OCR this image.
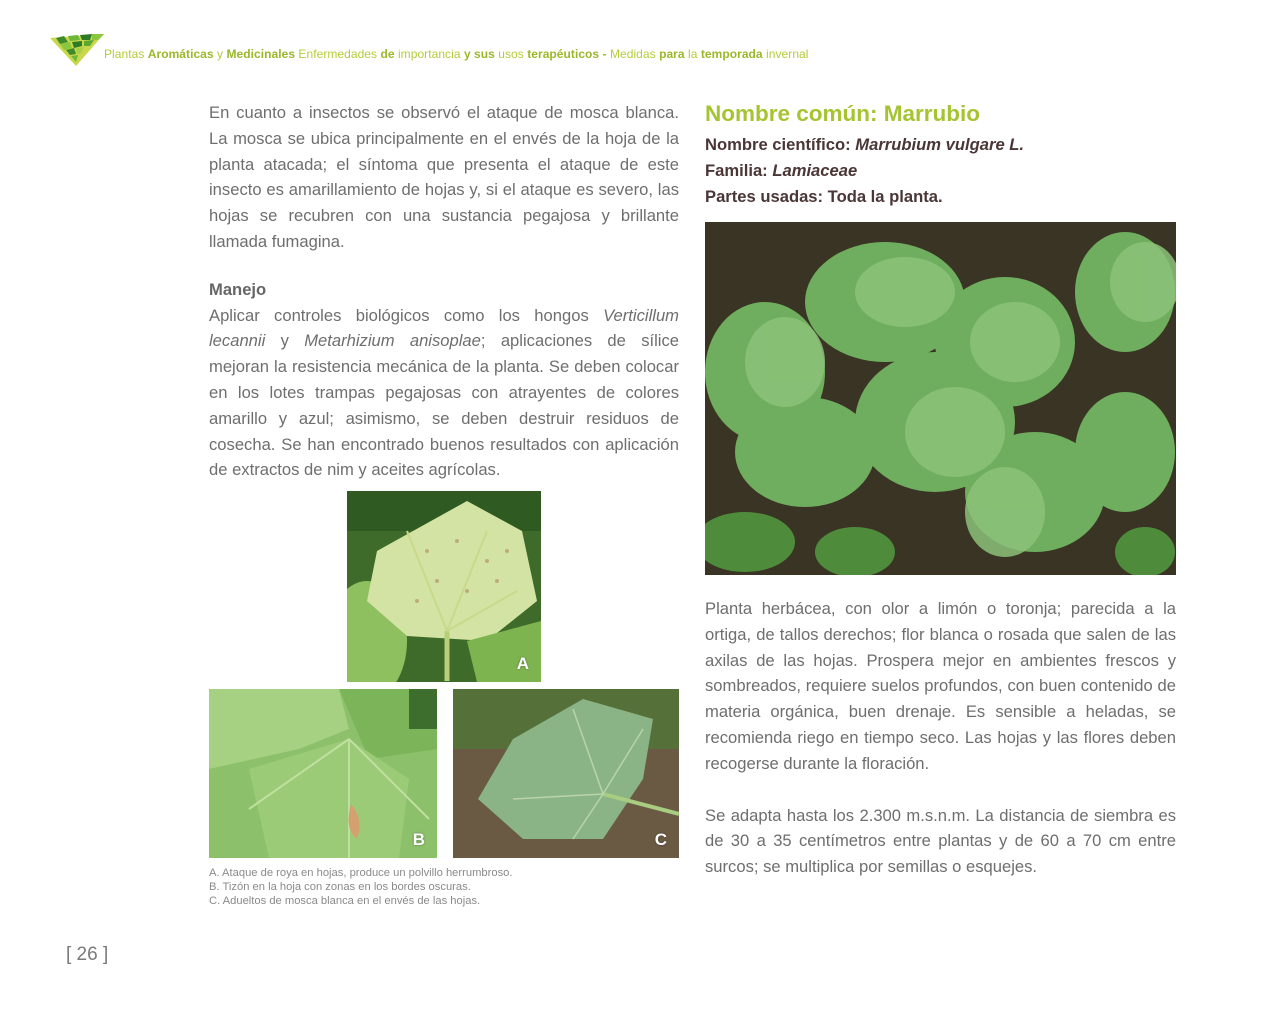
Plantas Aromáticas y Medicinales Enfermedades de importancia y sus usos terapéuticos - Medidas para la temporada invernal

En cuanto a insectos se observó el ataque de mosca blanca. La mosca se ubica principalmente en el envés de la hoja de la planta atacada; el síntoma que presenta el ataque de este insecto es amarillamiento de hojas y, si el ataque es severo, las hojas se recubren con una sustancia pegajosa y brillante llamada fumagina.

Manejo

Aplicar controles biológicos como los hongos Verticillum lecannii y Metarhizium anisoplae; aplicaciones de sílice mejoran la resistencia mecánica de la planta. Se deben colocar en los lotes trampas pegajosas con atrayentes de colores amarillo y azul; asimismo, se deben destruir residuos de cosecha. Se han encontrado buenos resultados con aplicación de extractos de nim y aceites agrícolas.

A
B	C
A. Ataque de roya en hojas, produce un polvillo herrumbroso.
B. Tizón en la hoja con zonas en los bordes oscuras.
C. Adueltos de mosca blanca en el envés de las hojas.

Nombre común: Marrubio

Nombre científico: Marrubium vulgare L.

Familia: Lamiaceae

Partes usadas: Toda la planta.

Planta herbácea, con olor a limón o toronja; parecida a la ortiga, de tallos derechos; flor blanca o rosada que salen de las axilas de las hojas. Prospera mejor en ambientes frescos y sombreados, requiere suelos profundos, con buen contenido de materia orgánica, buen drenaje. Es sensible a heladas, se recomienda riego en tiempo seco. Las hojas y las flores deben recogerse durante la floración.

Se adapta hasta los 2.300 m.s.n.m. La distancia de siembra es de 30 a 35 centímetros entre plantas y de 60 a 70 cm entre surcos; se multiplica por semillas o esquejes.

[ 26 ]
